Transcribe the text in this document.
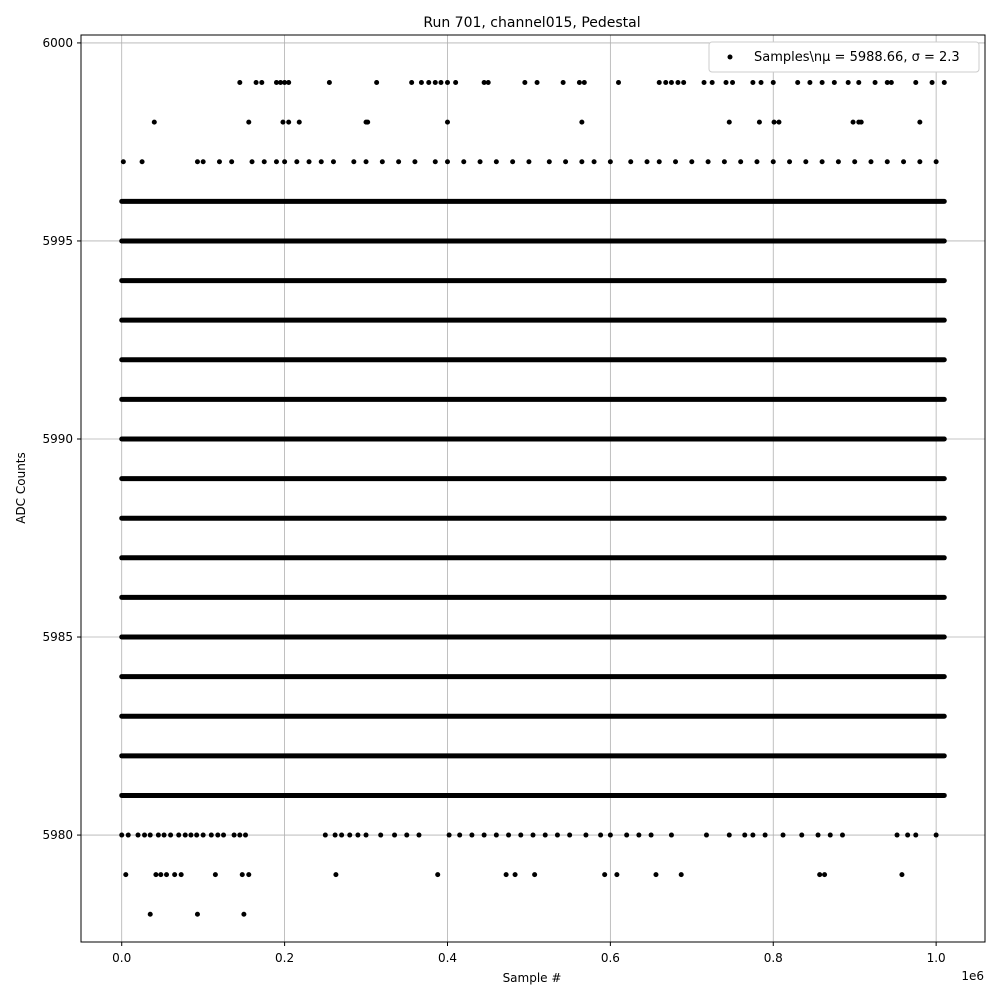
Run 701, channel015, Pedestal
0.0	0.2	0.4	0.6	0.8	1.0
5980
5985
5990
5995
6000
Sample #
ADC Counts
1e6
Samples\nμ = 5988.66, σ = 2.3
